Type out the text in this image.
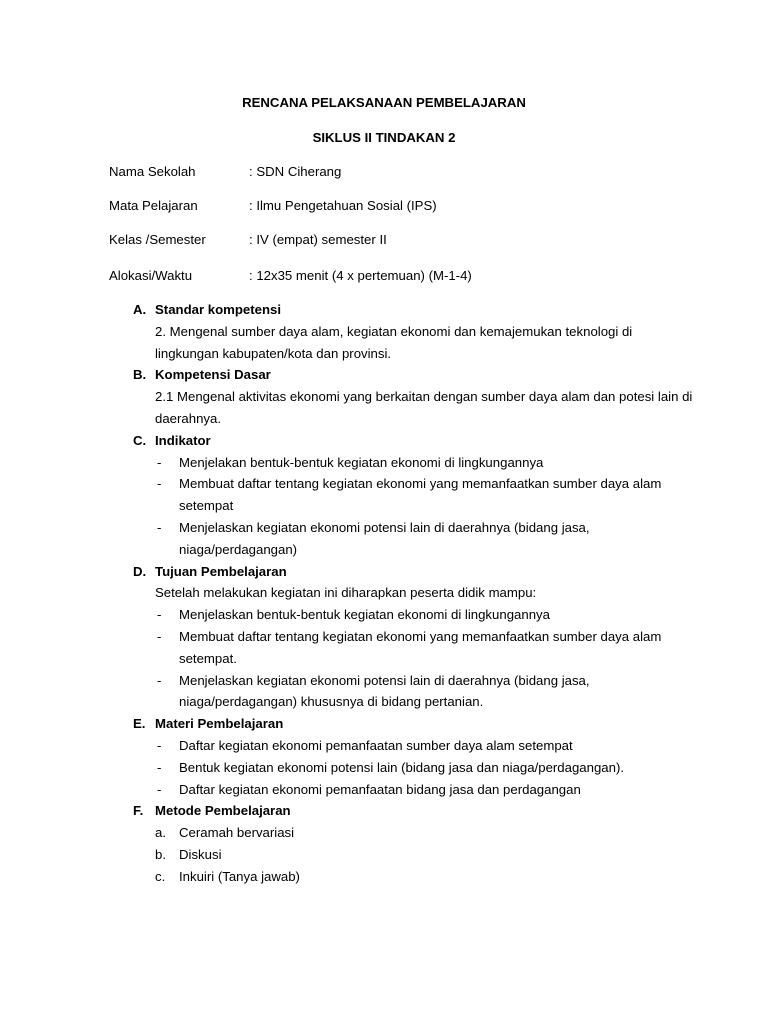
RENCANA PELAKSANAAN PEMBELAJARAN
SIKLUS II TINDAKAN 2
Nama Sekolah	: SDN Ciherang
Mata Pelajaran	: Ilmu Pengetahuan Sosial (IPS)
Kelas /Semester	: IV (empat) semester II
Alokasi/Waktu	: 12x35 menit (4 x pertemuan) (M-1-4)
A. Standar kompetensi
2. Mengenal sumber daya alam, kegiatan ekonomi dan kemajemukan teknologi di lingkungan kabupaten/kota dan provinsi.
B. Kompetensi Dasar
2.1 Mengenal aktivitas ekonomi yang berkaitan dengan sumber daya alam dan potesi lain di daerahnya.
C. Indikator
- Menjelakan bentuk-bentuk kegiatan ekonomi di lingkungannya
- Membuat daftar tentang kegiatan ekonomi yang memanfaatkan sumber daya alam setempat
- Menjelaskan kegiatan ekonomi potensi lain di daerahnya (bidang jasa, niaga/perdagangan)
D. Tujuan Pembelajaran
Setelah melakukan kegiatan ini diharapkan peserta didik mampu:
- Menjelaskan bentuk-bentuk kegiatan ekonomi di lingkungannya
- Membuat daftar tentang kegiatan ekonomi yang memanfaatkan sumber daya alam setempat.
- Menjelaskan kegiatan ekonomi potensi lain di daerahnya (bidang jasa, niaga/perdagangan) khususnya di bidang pertanian.
E. Materi Pembelajaran
- Daftar kegiatan ekonomi pemanfaatan sumber daya alam setempat
- Bentuk kegiatan ekonomi potensi lain (bidang jasa dan niaga/perdagangan).
- Daftar kegiatan ekonomi pemanfaatan bidang jasa dan perdagangan
F. Metode Pembelajaran
a. Ceramah bervariasi
b. Diskusi
c. Inkuiri (Tanya jawab)
